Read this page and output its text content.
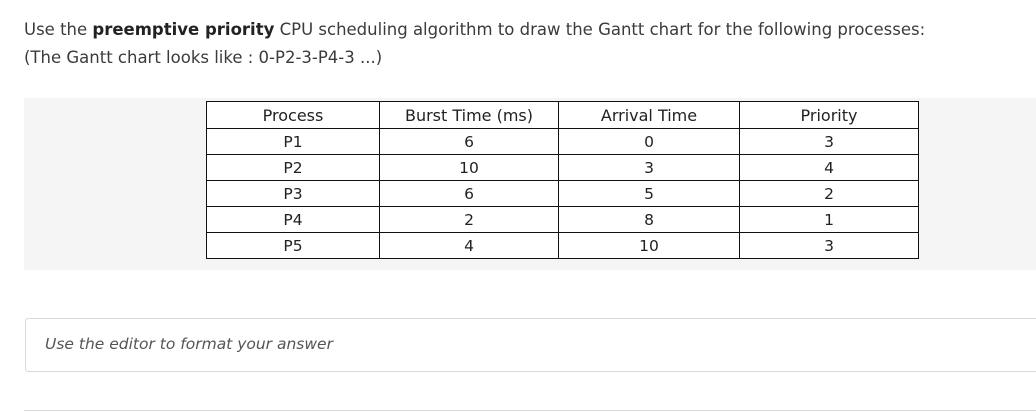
Use the preemptive priority CPU scheduling algorithm to draw the Gantt chart for the following processes:
(The Gantt chart looks like : 0-P2-3-P4-3 ...)
Process	Burst Time (ms)	Arrival Time	Priority
P1	6	0	3
P2	10	3	4
P3	6	5	2
P4	2	8	1
P5	4	10	3
Use the editor to format your answer
